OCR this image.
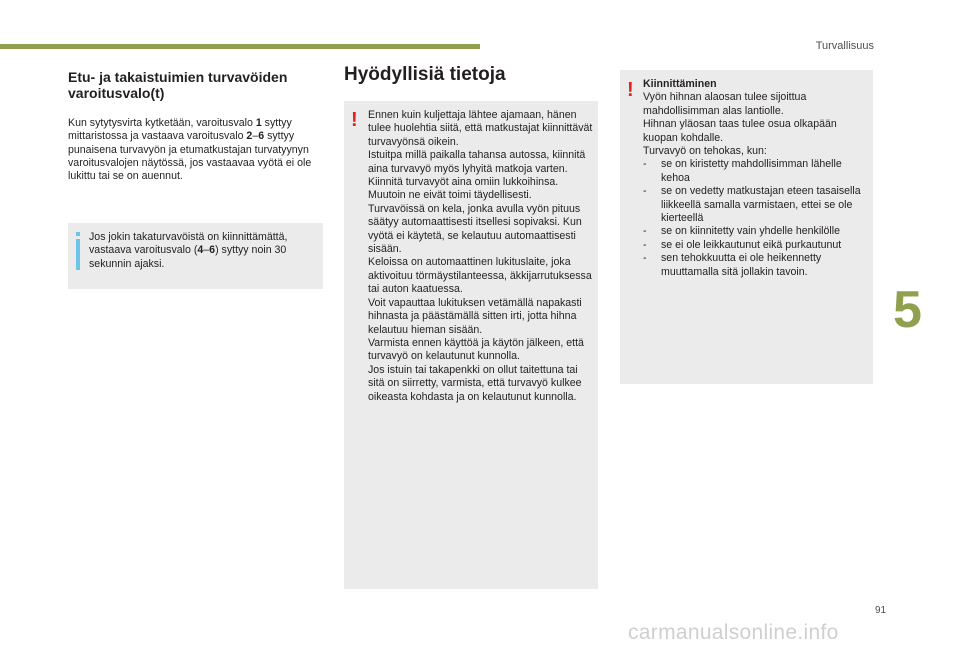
Turvallisuus
5
Etu- ja takaistuimien turvavöiden varoitusvalo(t)

Kun sytytysvirta kytketään, varoitusvalo 1 syttyy mittaristossa ja vastaava varoitusvalo 2–6 syttyy punaisena turvavyön ja etumatkustajan turvatyynyn varoitusvalojen näytössä, jos vastaavaa vyötä ei ole lukittu tai se on auennut.

Jos jokin takaturvavöistä on kiinnittämättä, vastaava varoitusvalo (4–6) syttyy noin 30 sekunnin ajaksi.
Hyödyllisiä tietoja
! Ennen kuin kuljettaja lähtee ajamaan, hänen tulee huolehtia siitä, että matkustajat kiinnittävät turvavyönsä oikein.

Istuitpa millä paikalla tahansa autossa, kiinnitä aina turvavyö myös lyhyitä matkoja varten.

Kiinnitä turvavyöt aina omiin lukkoihinsa.

Muutoin ne eivät toimi täydellisesti.

Turvavöissä on kela, jonka avulla vyön pituus säätyy automaattisesti itsellesi sopivaksi. Kun vyötä ei käytetä, se kelautuu automaattisesti sisään.

Keloissa on automaattinen lukituslaite, joka aktivoituu törmäystilanteessa, äkkijarrutuksessa tai auton kaatuessa.

Voit vapauttaa lukituksen vetämällä napakasti hihnasta ja päästämällä sitten irti, jotta hihna kelautuu hieman sisään.

Varmista ennen käyttöä ja käytön jälkeen, että turvavyö on kelautunut kunnolla.

Jos istuin tai takapenkki on ollut taitettuna tai sitä on siirretty, varmista, että turvavyö kulkee oikeasta kohdasta ja on kelautunut kunnolla.

! Kiinnittäminen

Vyön hihnan alaosan tulee sijoittua mahdollisimman alas lantiolle.

Hihnan yläosan taas tulee osua olkapään kuopan kohdalle.

Turvavyö on tehokas, kun:

- se on kiristetty mahdollisimman lähelle kehoa
- se on vedetty matkustajan eteen tasaisella liikkeellä samalla varmistaen, ettei se ole kierteellä
- se on kiinnitetty vain yhdelle henkilölle
- se ei ole leikkautunut eikä purkautunut
- sen tehokkuutta ei ole heikennetty muuttamalla sitä jollakin tavoin.
91
carmanualsonline.info
